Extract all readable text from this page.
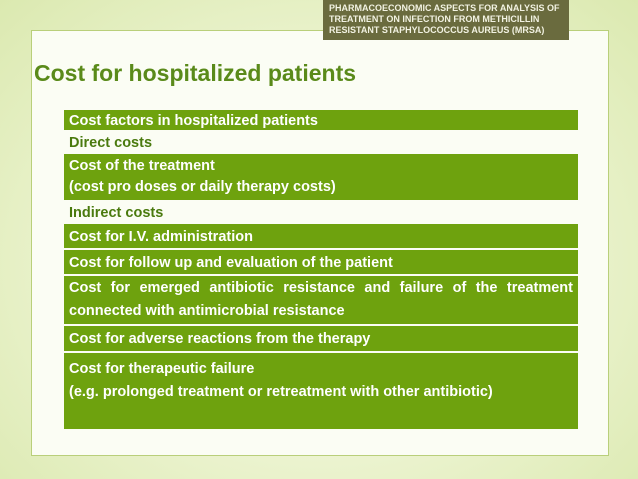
PHARMACOECONOMIC ASPECTS FOR ANALYSIS OF TREATMENT ON INFECTION FROM METHICILLIN RESISTANT STAPHYLOCOCCUS AUREUS (MRSA)
Cost for hospitalized patients
Cost factors in hospitalized patients
Direct costs
Cost of the treatment
(cost pro doses or daily therapy costs)
Indirect costs
Cost for I.V. administration
Cost for follow up and evaluation of the patient
Cost for emerged antibiotic resistance and failure of the treatment connected with antimicrobial resistance
Cost for adverse reactions from the therapy
Cost for therapeutic failure
(e.g. prolonged treatment or retreatment with other antibiotic)
